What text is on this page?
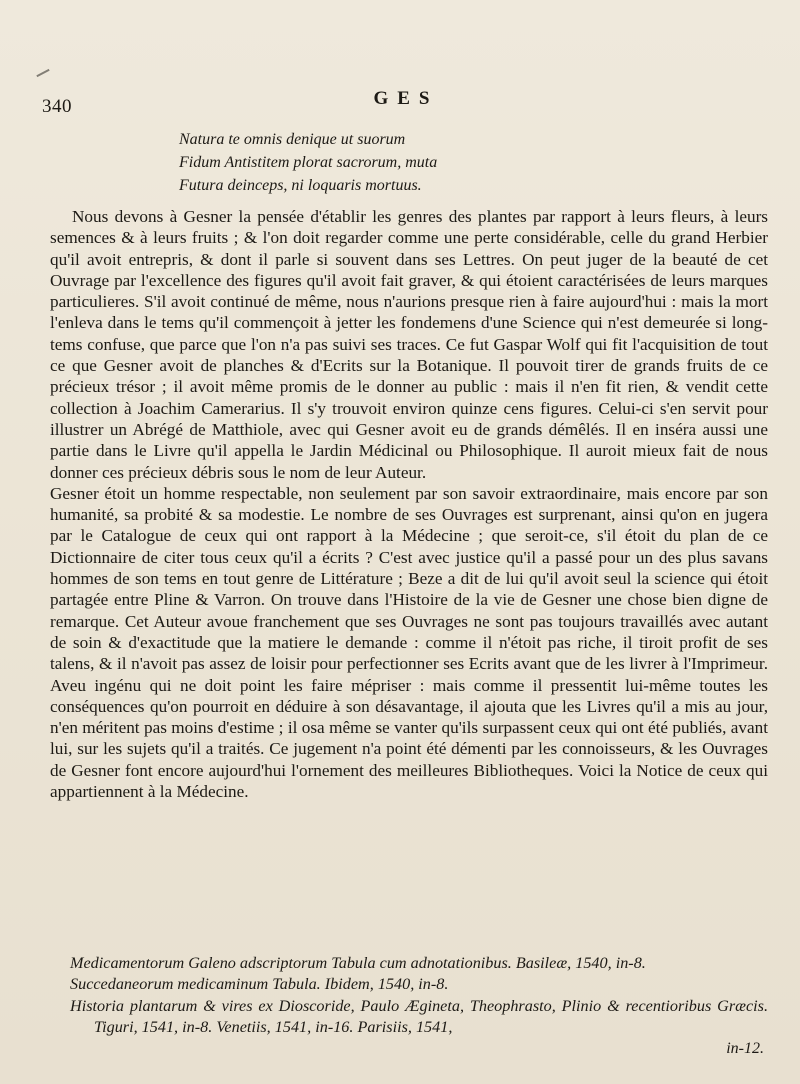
340	GES
Natura te omnis denique ut suorum
Fidum Antistitem plorat sacrorum, muta
Futura deinceps, ni loquaris mortuus.

Nous devons à Gesner la pensée d'établir les genres des plantes par rapport à leurs fleurs, à leurs semences & à leurs fruits ; & l'on doit regarder comme une perte considérable, celle du grand Herbier qu'il avoit entrepris, & dont il parle si souvent dans ses Lettres. On peut juger de la beauté de cet Ouvrage par l'excellence des figures qu'il avoit fait graver, & qui étoient caractérisées de leurs marques particulieres. S'il avoit continué de même, nous n'aurions presque rien à faire aujourd'hui : mais la mort l'enleva dans le tems qu'il commençoit à jetter les fondemens d'une Science qui n'est demeurée si long-tems confuse, que parce que l'on n'a pas suivi ses traces. Ce fut Gaspar Wolf qui fit l'acquisition de tout ce que Gesner avoit de planches & d'Ecrits sur la Botanique. Il pouvoit tirer de grands fruits de ce précieux trésor ; il avoit même promis de le donner au public : mais il n'en fit rien, & vendit cette collection à Joachim Camerarius. Il s'y trouvoit environ quinze cens figures. Celui-ci s'en servit pour illustrer un Abrégé de Matthiole, avec qui Gesner avoit eu de grands démêlés. Il en inséra aussi une partie dans le Livre qu'il appella le Jardin Médicinal ou Philosophique. Il auroit mieux fait de nous donner ces précieux débris sous le nom de leur Auteur.

Gesner étoit un homme respectable, non seulement par son savoir extraordinaire, mais encore par son humanité, sa probité & sa modestie. Le nombre de ses Ouvrages est surprenant, ainsi qu'on en jugera par le Catalogue de ceux qui ont rapport à la Médecine ; que seroit-ce, s'il étoit du plan de ce Dictionnaire de citer tous ceux qu'il a écrits ? C'est avec justice qu'il a passé pour un des plus savans hommes de son tems en tout genre de Littérature ; Beze a dit de lui qu'il avoit seul la science qui étoit partagée entre Pline & Varron. On trouve dans l'Histoire de la vie de Gesner une chose bien digne de remarque. Cet Auteur avoue franchement que ses Ouvrages ne sont pas toujours travaillés avec autant de soin & d'exactitude que la matiere le demande : comme il n'étoit pas riche, il tiroit profit de ses talens, & il n'avoit pas assez de loisir pour perfectionner ses Ecrits avant que de les livrer à l'Imprimeur. Aveu ingénu qui ne doit point les faire mépriser : mais comme il pressentit lui-même toutes les conséquences qu'on pourroit en déduire à son désavantage, il ajouta que les Livres qu'il a mis au jour, n'en méritent pas moins d'estime ; il osa même se vanter qu'ils surpassent ceux qui ont été publiés, avant lui, sur les sujets qu'il a traités. Ce jugement n'a point été démenti par les connoisseurs, & les Ouvrages de Gesner font encore aujourd'hui l'ornement des meilleures Bibliotheques. Voici la Notice de ceux qui appartiennent à la Médecine.

Medicamentorum Galeno adscriptorum Tabula cum adnotationibus. Basileæ, 1540, in-8.

Succedaneorum medicaminum Tabula. Ibidem, 1540, in-8.

Historia plantarum & vires ex Dioscoride, Paulo Ægineta, Theophrasto, Plinio & recentioribus Græcis. Tiguri, 1541, in-8. Venetiis, 1541, in-16. Parisiis, 1541,

in-12.
